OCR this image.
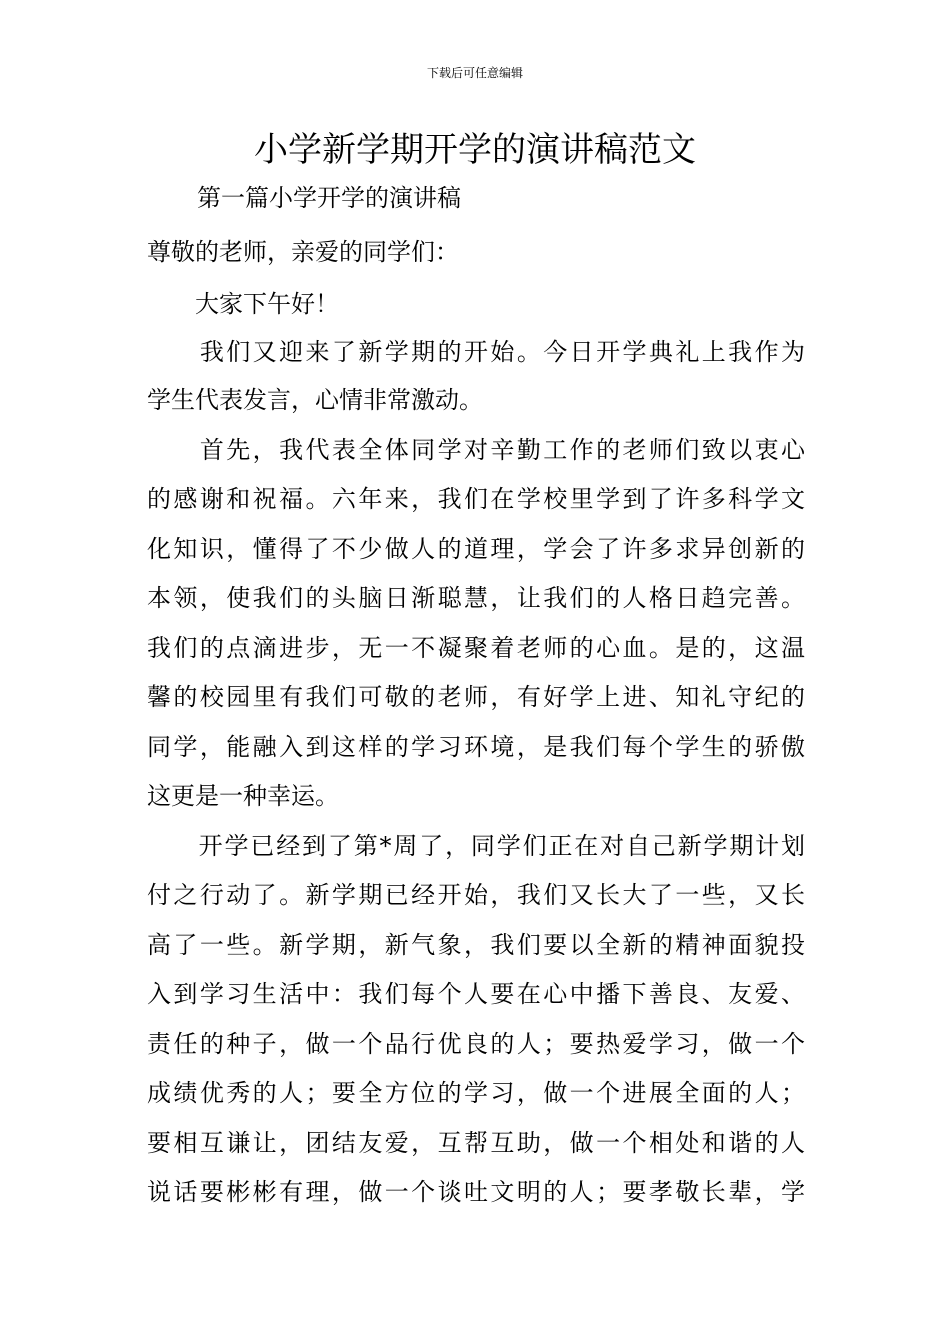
下载后可任意编辑
小学新学期开学的演讲稿范文

第一篇小学开学的演讲稿

尊敬的老师，亲爱的同学们：

　　大家下午好！

　　我们又迎来了新学期的开始。今日开学典礼上我作为

学生代表发言，心情非常激动。

　　首先，我代表全体同学对辛勤工作的老师们致以衷心

的感谢和祝福。六年来，我们在学校里学到了许多科学文

化知识，懂得了不少做人的道理，学会了许多求异创新的

本领，使我们的头脑日渐聪慧，让我们的人格日趋完善。

我们的点滴进步，无一不凝聚着老师的心血。是的，这温

馨的校园里有我们可敬的老师，有好学上进、知礼守纪的

同学，能融入到这样的学习环境，是我们每个学生的骄傲

这更是一种幸运。

　　开学已经到了第*周了，同学们正在对自己新学期计划

付之行动了。新学期已经开始，我们又长大了一些，又长

高了一些。新学期，新气象，我们要以全新的精神面貌投

入到学习生活中：我们每个人要在心中播下善良、友爱、

责任的种子，做一个品行优良的人；要热爱学习，做一个

成绩优秀的人；要全方位的学习，做一个进展全面的人；

要相互谦让，团结友爱，互帮互助，做一个相处和谐的人

说话要彬彬有理，做一个谈吐文明的人；要孝敬长辈，学
